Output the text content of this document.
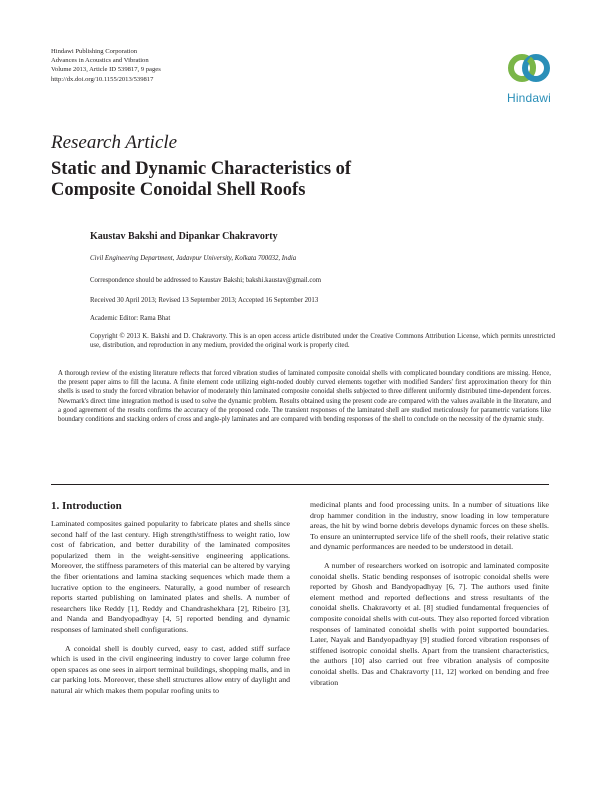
Hindawi Publishing Corporation
Advances in Acoustics and Vibration
Volume 2013, Article ID 539817, 9 pages
http://dx.doi.org/10.1155/2013/539817
Hindawi
Research Article
Static and Dynamic Characteristics of
Composite Conoidal Shell Roofs
Kaustav Bakshi and Dipankar Chakravorty
Civil Engineering Department, Jadavpur University, Kolkata 700032, India
Correspondence should be addressed to Kaustav Bakshi; bakshi.kaustav@gmail.com
Received 30 April 2013; Revised 13 September 2013; Accepted 16 September 2013
Academic Editor: Rama Bhat
Copyright © 2013 K. Bakshi and D. Chakravorty. This is an open access article distributed under the Creative Commons Attribution License, which permits unrestricted use, distribution, and reproduction in any medium, provided the original work is properly cited.
A thorough review of the existing literature reflects that forced vibration studies of laminated composite conoidal shells with complicated boundary conditions are missing. Hence, the present paper aims to fill the lacuna. A finite element code utilizing eight-noded doubly curved elements together with modified Sanders' first approximation theory for thin shells is used to study the forced vibration behavior of moderately thin laminated composite conoidal shells subjected to three different uniformly distributed time-dependent forces. Newmark's direct time integration method is used to solve the dynamic problem. Results obtained using the present code are compared with the values available in the literature, and a good agreement of the results confirms the accuracy of the proposed code. The transient responses of the laminated shell are studied meticulously for parametric variations like boundary conditions and stacking orders of cross and angle-ply laminates and are compared with bending responses of the shell to conclude on the necessity of the dynamic study.
1. Introduction

Laminated composites gained popularity to fabricate plates and shells since second half of the last century. High strength/stiffness to weight ratio, low cost of fabrication, and better durability of the laminated composites popularized them in the weight-sensitive engineering applications. Moreover, the stiffness parameters of this material can be altered by varying the fiber orientations and lamina stacking sequences which made them a lucrative option to the engineers. Naturally, a good number of research reports started publishing on laminated plates and shells. A number of researchers like Reddy [1], Reddy and Chandrashekhara [2], Ribeiro [3], and Nanda and Bandyopadhyay [4, 5] reported bending and dynamic responses of laminated shell configurations.

A conoidal shell is doubly curved, easy to cast, added stiff surface which is used in the civil engineering industry to cover large column free open spaces as one sees in airport terminal buildings, shopping malls, and in car parking lots. Moreover, these shell structures allow entry of daylight and natural air which makes them popular roofing units to

medicinal plants and food processing units. In a number of situations like drop hammer condition in the industry, snow loading in low temperature areas, the hit by wind borne debris develops dynamic forces on these shells. To ensure an uninterrupted service life of the shell roofs, their relative static and dynamic performances are needed to be understood in detail.

A number of researchers worked on isotropic and laminated composite conoidal shells. Static bending responses of isotropic conoidal shells were reported by Ghosh and Bandyopadhyay [6, 7]. The authors used finite element method and reported deflections and stress resultants of the conoidal shells. Chakravorty et al. [8] studied fundamental frequencies of composite conoidal shells with cut-outs. They also reported forced vibration responses of laminated conoidal shells with point supported boundaries. Later, Nayak and Bandyopadhyay [9] studied forced vibration responses of stiffened isotropic conoidal shells. Apart from the transient characteristics, the authors [10] also carried out free vibration analysis of composite conoidal shells. Das and Chakravorty [11, 12] worked on bending and free vibration
